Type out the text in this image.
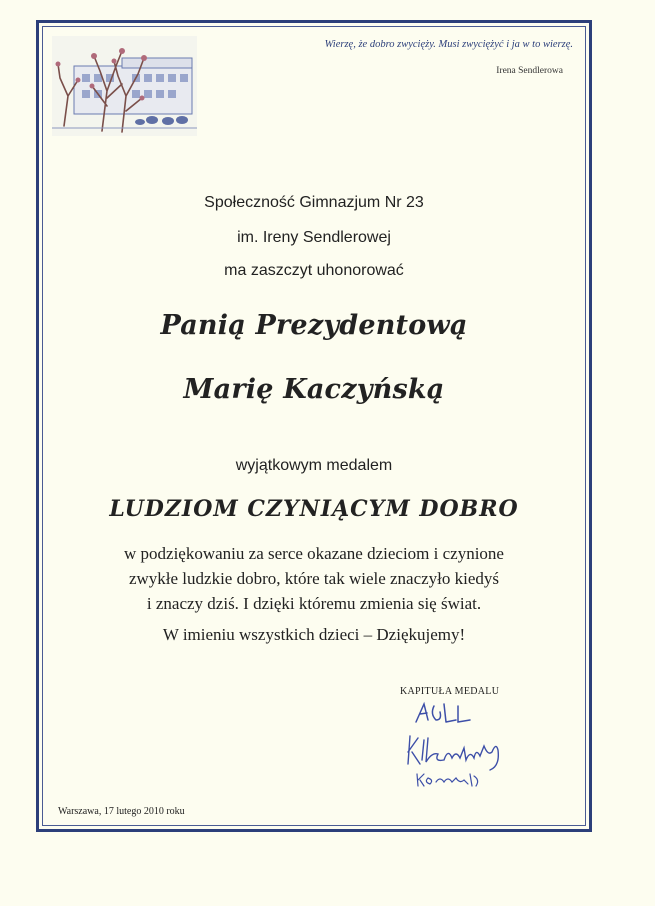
Wierzę, że dobro zwycięży. Musi zwyciężyć i ja w to wierzę.
Irena Sendlerowa
Społeczność Gimnazjum Nr 23
im. Ireny Sendlerowej
ma zaszczyt uhonorować
Panią Prezydentową
Marię Kaczyńską
wyjątkowym medalem
LUDZIOM CZYNIĄCYM DOBRO
w podziękowaniu za serce okazane dzieciom i czynione
zwykłe ludzkie dobro, które tak wiele znaczyło kiedyś
i znaczy dziś. I dzięki któremu zmienia się świat.
W imieniu wszystkich dzieci – Dziękujemy!
KAPITUŁA MEDALU
Warszawa, 17 lutego 2010 roku
